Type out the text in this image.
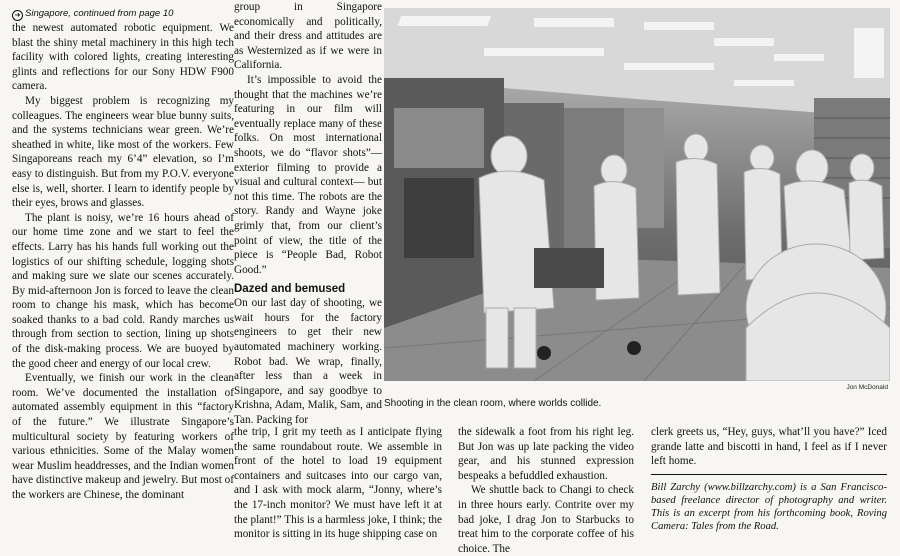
➜ Singapore, continued from page 10

the newest automated robotic equipment. We blast the shiny metal machinery in this high tech facility with colored lights, creating interesting glints and reflections for our Sony HDW F900 camera.

My biggest problem is recognizing my colleagues. The engineers wear blue bunny suits, and the systems technicians wear green. We’re sheathed in white, like most of the workers. Few Singaporeans reach my 6’4” elevation, so I’m easy to distinguish. But from my P.O.V. everyone else is, well, shorter. I learn to identify people by their eyes, brows and glasses.

The plant is noisy, we’re 16 hours ahead of our home time zone and we start to feel the effects. Larry has his hands full working out the logistics of our shifting schedule, logging shots and making sure we slate our scenes accurately. By mid-afternoon Jon is forced to leave the clean room to change his mask, which has become soaked thanks to a bad cold. Randy marches us through from section to section, lining up shots of the disk-making process. We are buoyed by the good cheer and energy of our local crew.

Eventually, we finish our work in the clean room. We’ve documented the installation of automated assembly equipment in this “factory of the future.” We illustrate Singapore’s multicultural society by featuring workers of various ethnicities. Some of the Malay women wear Muslim headdresses, and the Indian women have distinctive makeup and jewelry. But most of the workers are Chinese, the dominant

group in Singapore economically and politically, and their dress and attitudes are as Westernized as if we were in California.

It’s impossible to avoid the thought that the machines we’re featuring in our film will eventually replace many of these folks. On most international shoots, we do “flavor shots”— exterior filming to provide a visual and cultural context— but not this time. The robots are the story. Randy and Wayne joke grimly that, from our client’s point of view, the title of the piece is “People Bad, Robot Good.”

Dazed and bemused

On our last day of shooting, we wait hours for the factory engineers to get their new automated machinery working. Robot bad. We wrap, finally, after less than a week in Singapore, and say goodbye to Krishna, Adam, Malik, Sam, and Tan. Packing for

Jon McDonald
Shooting in the clean room, where worlds collide.

the trip, I grit my teeth as I anticipate flying the same roundabout route. We assemble in front of the hotel to load 19 equipment containers and suitcases into our cargo van, and I ask with mock alarm, “Jonny, where’s the 17-inch monitor? We must have left it at the plant!” This is a harmless joke, I think; the monitor is sitting in its huge shipping case on

the sidewalk a foot from his right leg. But Jon was up late packing the video gear, and his stunned expression bespeaks a befuddled exhaustion.

We shuttle back to Changi to check in three hours early. Contrite over my bad joke, I drag Jon to Starbucks to treat him to the corporate coffee of his choice. The

clerk greets us, “Hey, guys, what’ll you have?” Iced grande latte and biscotti in hand, I feel as if I never left home.

Bill Zarchy (www.billzarchy.com) is a San Francisco-based freelance director of photography and writer. This is an excerpt from his forthcoming book, Roving Camera: Tales from the Road.
